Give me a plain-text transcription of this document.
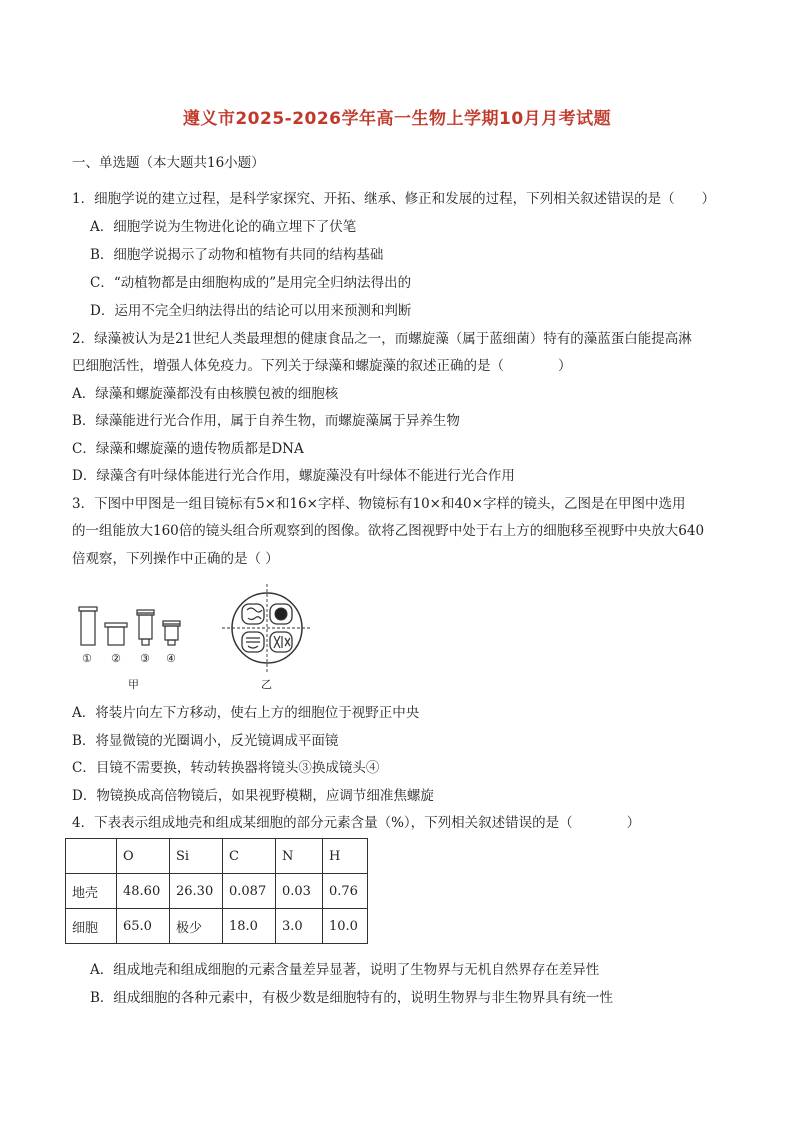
遵义市2025-2026学年高一生物上学期10月月考试题
一、单选题（本大题共16小题）
1．细胞学说的建立过程，是科学家探究、开拓、继承、修正和发展的过程，下列相关叙述错误的是（　　）
A．细胞学说为生物进化论的确立埋下了伏笔
B．细胞学说揭示了动物和植物有共同的结构基础
C．“动植物都是由细胞构成的”是用完全归纳法得出的
D．运用不完全归纳法得出的结论可以用来预测和判断
2．绿藻被认为是21世纪人类最理想的健康食品之一，而螺旋藻（属于蓝细菌）特有的藻蓝蛋白能提高淋
巴细胞活性，增强人体免疫力。下列关于绿藻和螺旋藻的叙述正确的是（　　　　）
A．绿藻和螺旋藻都没有由核膜包被的细胞核
B．绿藻能进行光合作用，属于自养生物，而螺旋藻属于异养生物
C．绿藻和螺旋藻的遗传物质都是DNA
D．绿藻含有叶绿体能进行光合作用，螺旋藻没有叶绿体不能进行光合作用
3．下图中甲图是一组目镜标有5×和16×字样、物镜标有10×和40×字样的镜头，乙图是在甲图中选用
的一组能放大160倍的镜头组合所观察到的图像。欲将乙图视野中处于右上方的细胞移至视野中央放大640
倍观察，下列操作中正确的是（ ）
① ② ③ ④
甲	乙
A．将装片向左下方移动，使右上方的细胞位于视野正中央
B．将显微镜的光圈调小，反光镜调成平面镜
C．目镜不需要换，转动转换器将镜头③换成镜头④
D．物镜换成高倍物镜后，如果视野模糊，应调节细准焦螺旋
4．下表表示组成地壳和组成某细胞的部分元素含量（%），下列相关叙述错误的是（　　　　）
	O	Si	C	N	H
地壳	48.60	26.30	0.087	0.03	0.76
细胞	65.0	极少	18.0	3.0	10.0
A．组成地壳和组成细胞的元素含量差异显著，说明了生物界与无机自然界存在差异性
B．组成细胞的各种元素中，有极少数是细胞特有的，说明生物界与非生物界具有统一性
